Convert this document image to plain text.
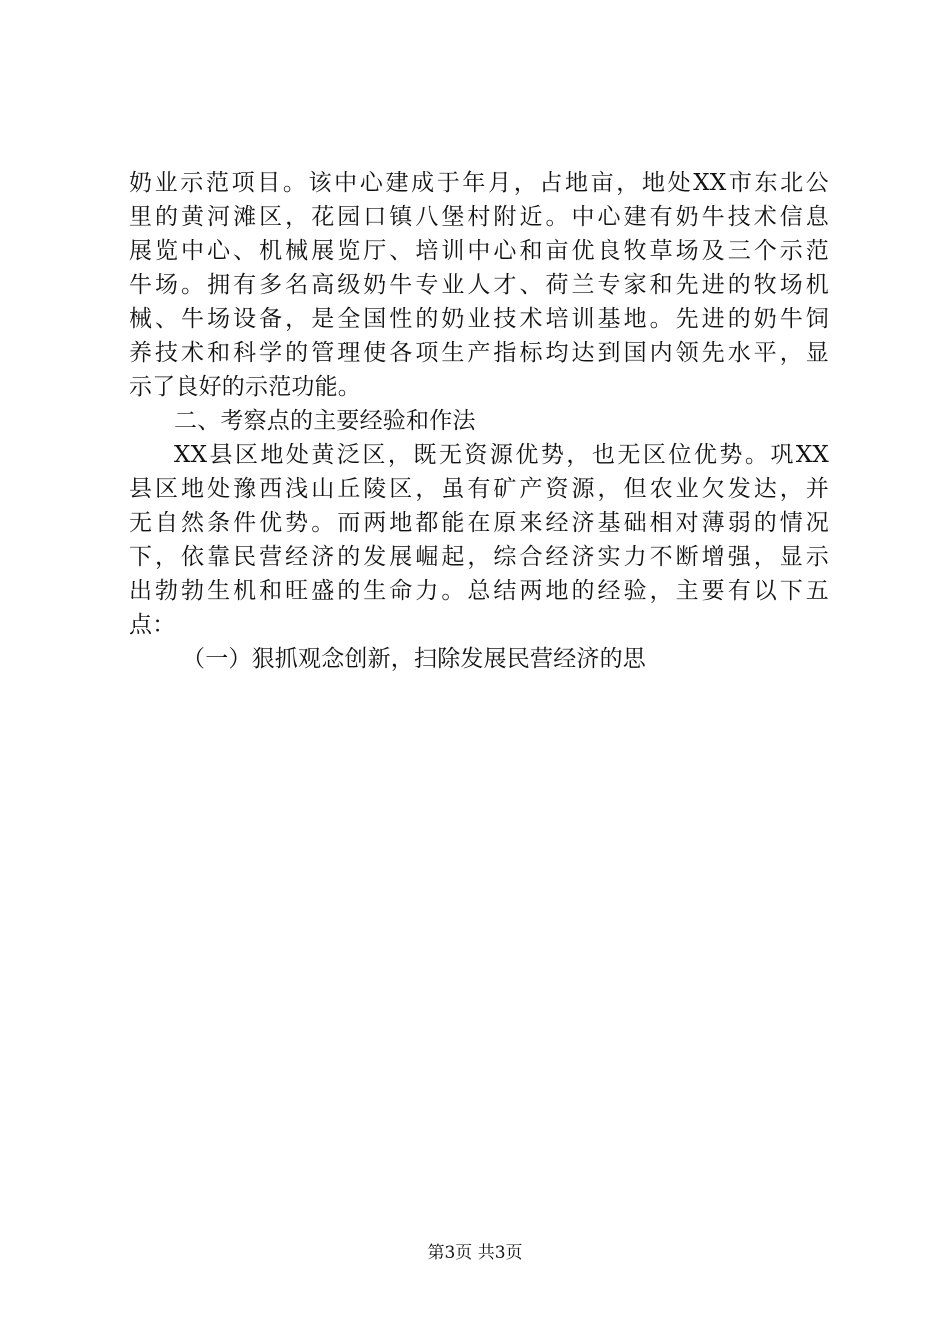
奶业示范项目。该中心建成于年月，占地亩，地处XX市东北公
里的黄河滩区，花园口镇八堡村附近。中心建有奶牛技术信息
展览中心、机械展览厅、培训中心和亩优良牧草场及三个示范
牛场。拥有多名高级奶牛专业人才、荷兰专家和先进的牧场机
械、牛场设备，是全国性的奶业技术培训基地。先进的奶牛饲
养技术和科学的管理使各项生产指标均达到国内领先水平，显
示了良好的示范功能。
二、考察点的主要经验和作法
XX县区地处黄泛区，既无资源优势，也无区位优势。巩XX
县区地处豫西浅山丘陵区，虽有矿产资源，但农业欠发达，并
无自然条件优势。而两地都能在原来经济基础相对薄弱的情况
下，依靠民营经济的发展崛起，综合经济实力不断增强，显示
出勃勃生机和旺盛的生命力。总结两地的经验，主要有以下五
点：
（一）狠抓观念创新，扫除发展民营经济的思
第3页 共3页
